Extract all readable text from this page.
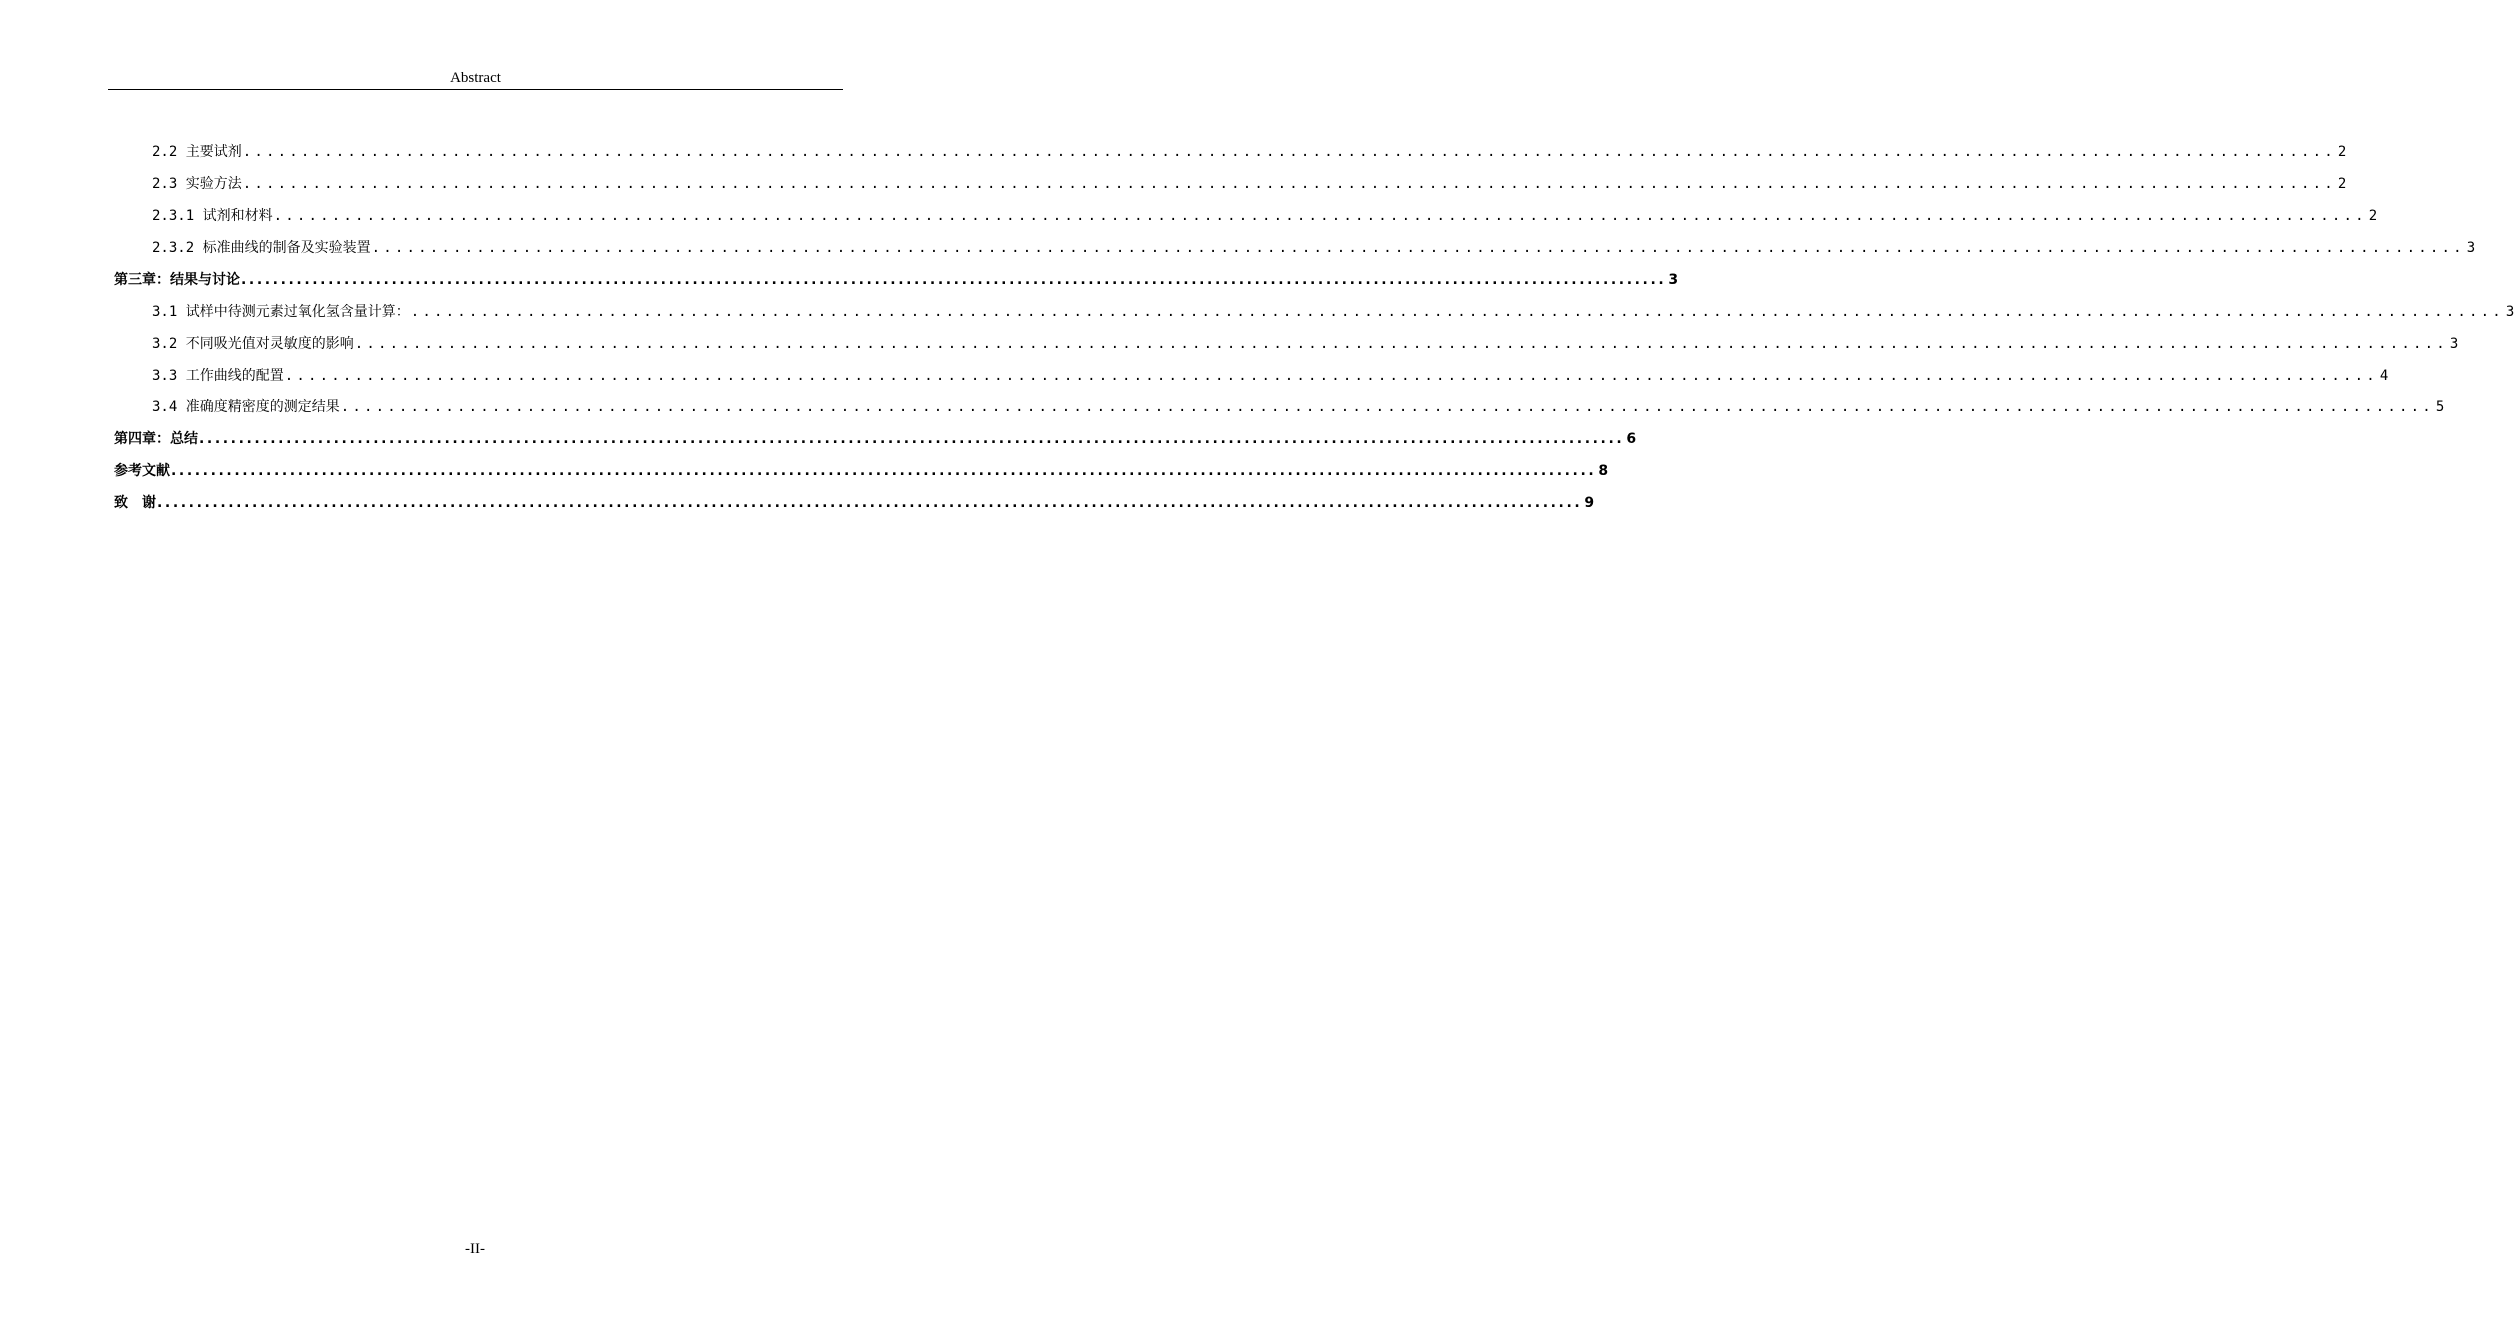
Abstract
2.2 主要试剂 .................................................................................................................................................................................... 2
2.3 实验方法 .................................................................................................................................................................................... 2
2.3.1 试剂和材料 .................................................................................................................................................................................... 2
2.3.2 标准曲线的制备及实验装置 .................................................................................................................................................................................... 3
第三章：结果与讨论 .................................................................................................................................................................................... 3
3.1 试样中待测元素过氧化氢含量计算： .................................................................................................................................................................................... 3
3.2 不同吸光值对灵敏度的影响 .................................................................................................................................................................................... 3
3.3 工作曲线的配置 .................................................................................................................................................................................... 4
3.4 准确度精密度的测定结果 .................................................................................................................................................................................... 5
第四章：总结 .................................................................................................................................................................................... 6
参考文献 .................................................................................................................................................................................... 8
致　谢 .................................................................................................................................................................................... 9
-II-
